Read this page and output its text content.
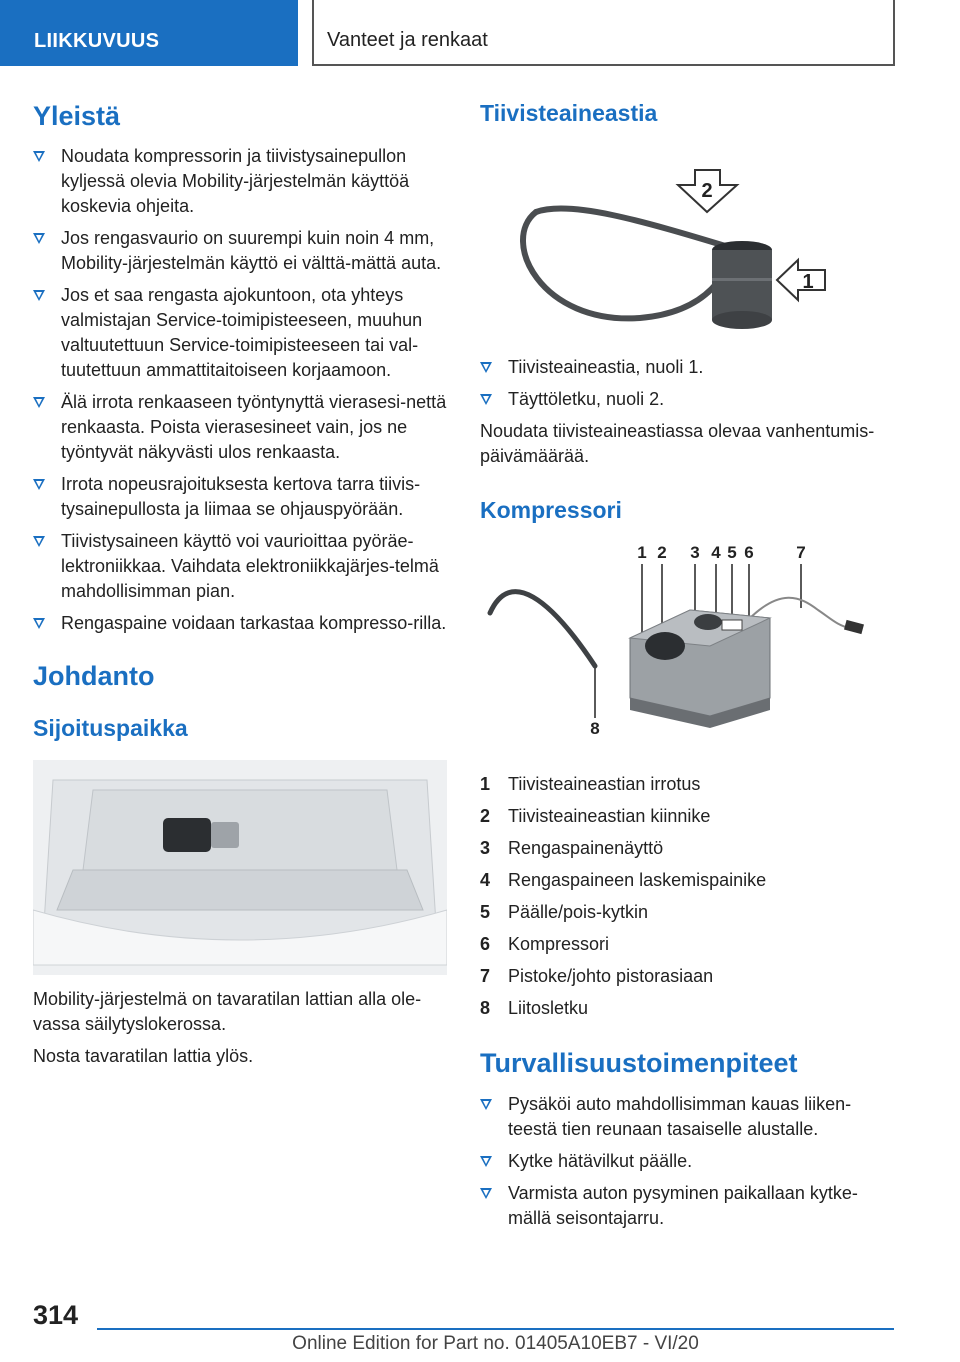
LIIKKUVUUS	Vanteet ja renkaat
Yleistä
Noudata kompressorin ja tiivistysainepullon kyljessä olevia Mobility-järjestelmän käyttöä koskevia ohjeita.
Jos rengasvaurio on suurempi kuin noin 4 mm, Mobility-järjestelmän käyttö ei välttä-mättä auta.
Jos et saa rengasta ajokuntoon, ota yhteys valmistajan Service-toimipisteeseen, muuhun valtuutettuun Service-toimipisteeseen tai val-tuutettuun ammattitaitoiseen korjaamoon.
Älä irrota renkaaseen työntynyttä vierasesi-nettä renkaasta. Poista vierasesineet vain, jos ne työntyvät näkyvästi ulos renkaasta.
Irrota nopeusrajoituksesta kertova tarra tiivis-tysainepullosta ja liimaa se ohjauspyörään.
Tiivistysaineen käyttö voi vaurioittaa pyöräe-lektroniikkaa. Vaihdata elektroniikkajärjes-telmä mahdollisimman pian.
Rengaspaine voidaan tarkastaa kompresso-rilla.
Johdanto
Sijoituspaikka

Mobility-järjestelmä on tavaratilan lattian alla ole-vassa säilytyslokerossa.

Nosta tavaratilan lattia ylös.

Tiivisteaineastia
2
1
Tiivisteaineastia, nuoli 1.
Täyttöletku, nuoli 2.

Noudata tiivisteaineastiassa olevaa vanhentumis-päivämäärää.

Kompressori
1 2 3 4 5 6	7
8
1 Tiivisteaineastian irrotus
2 Tiivisteaineastian kiinnike
3 Rengaspainenäyttö
4 Rengaspaineen laskemispainike
5 Päälle/pois-kytkin
6 Kompressori
7 Pistoke/johto pistorasiaan
8 Liitosletku
Turvallisuustoimenpiteet
Pysäköi auto mahdollisimman kauas liiken-teestä tien reunaan tasaiselle alustalle.
Kytke hätävilkut päälle.
Varmista auton pysyminen paikallaan kytke-mällä seisontajarru.
314
Online Edition for Part no. 01405A10EB7 - VI/20
